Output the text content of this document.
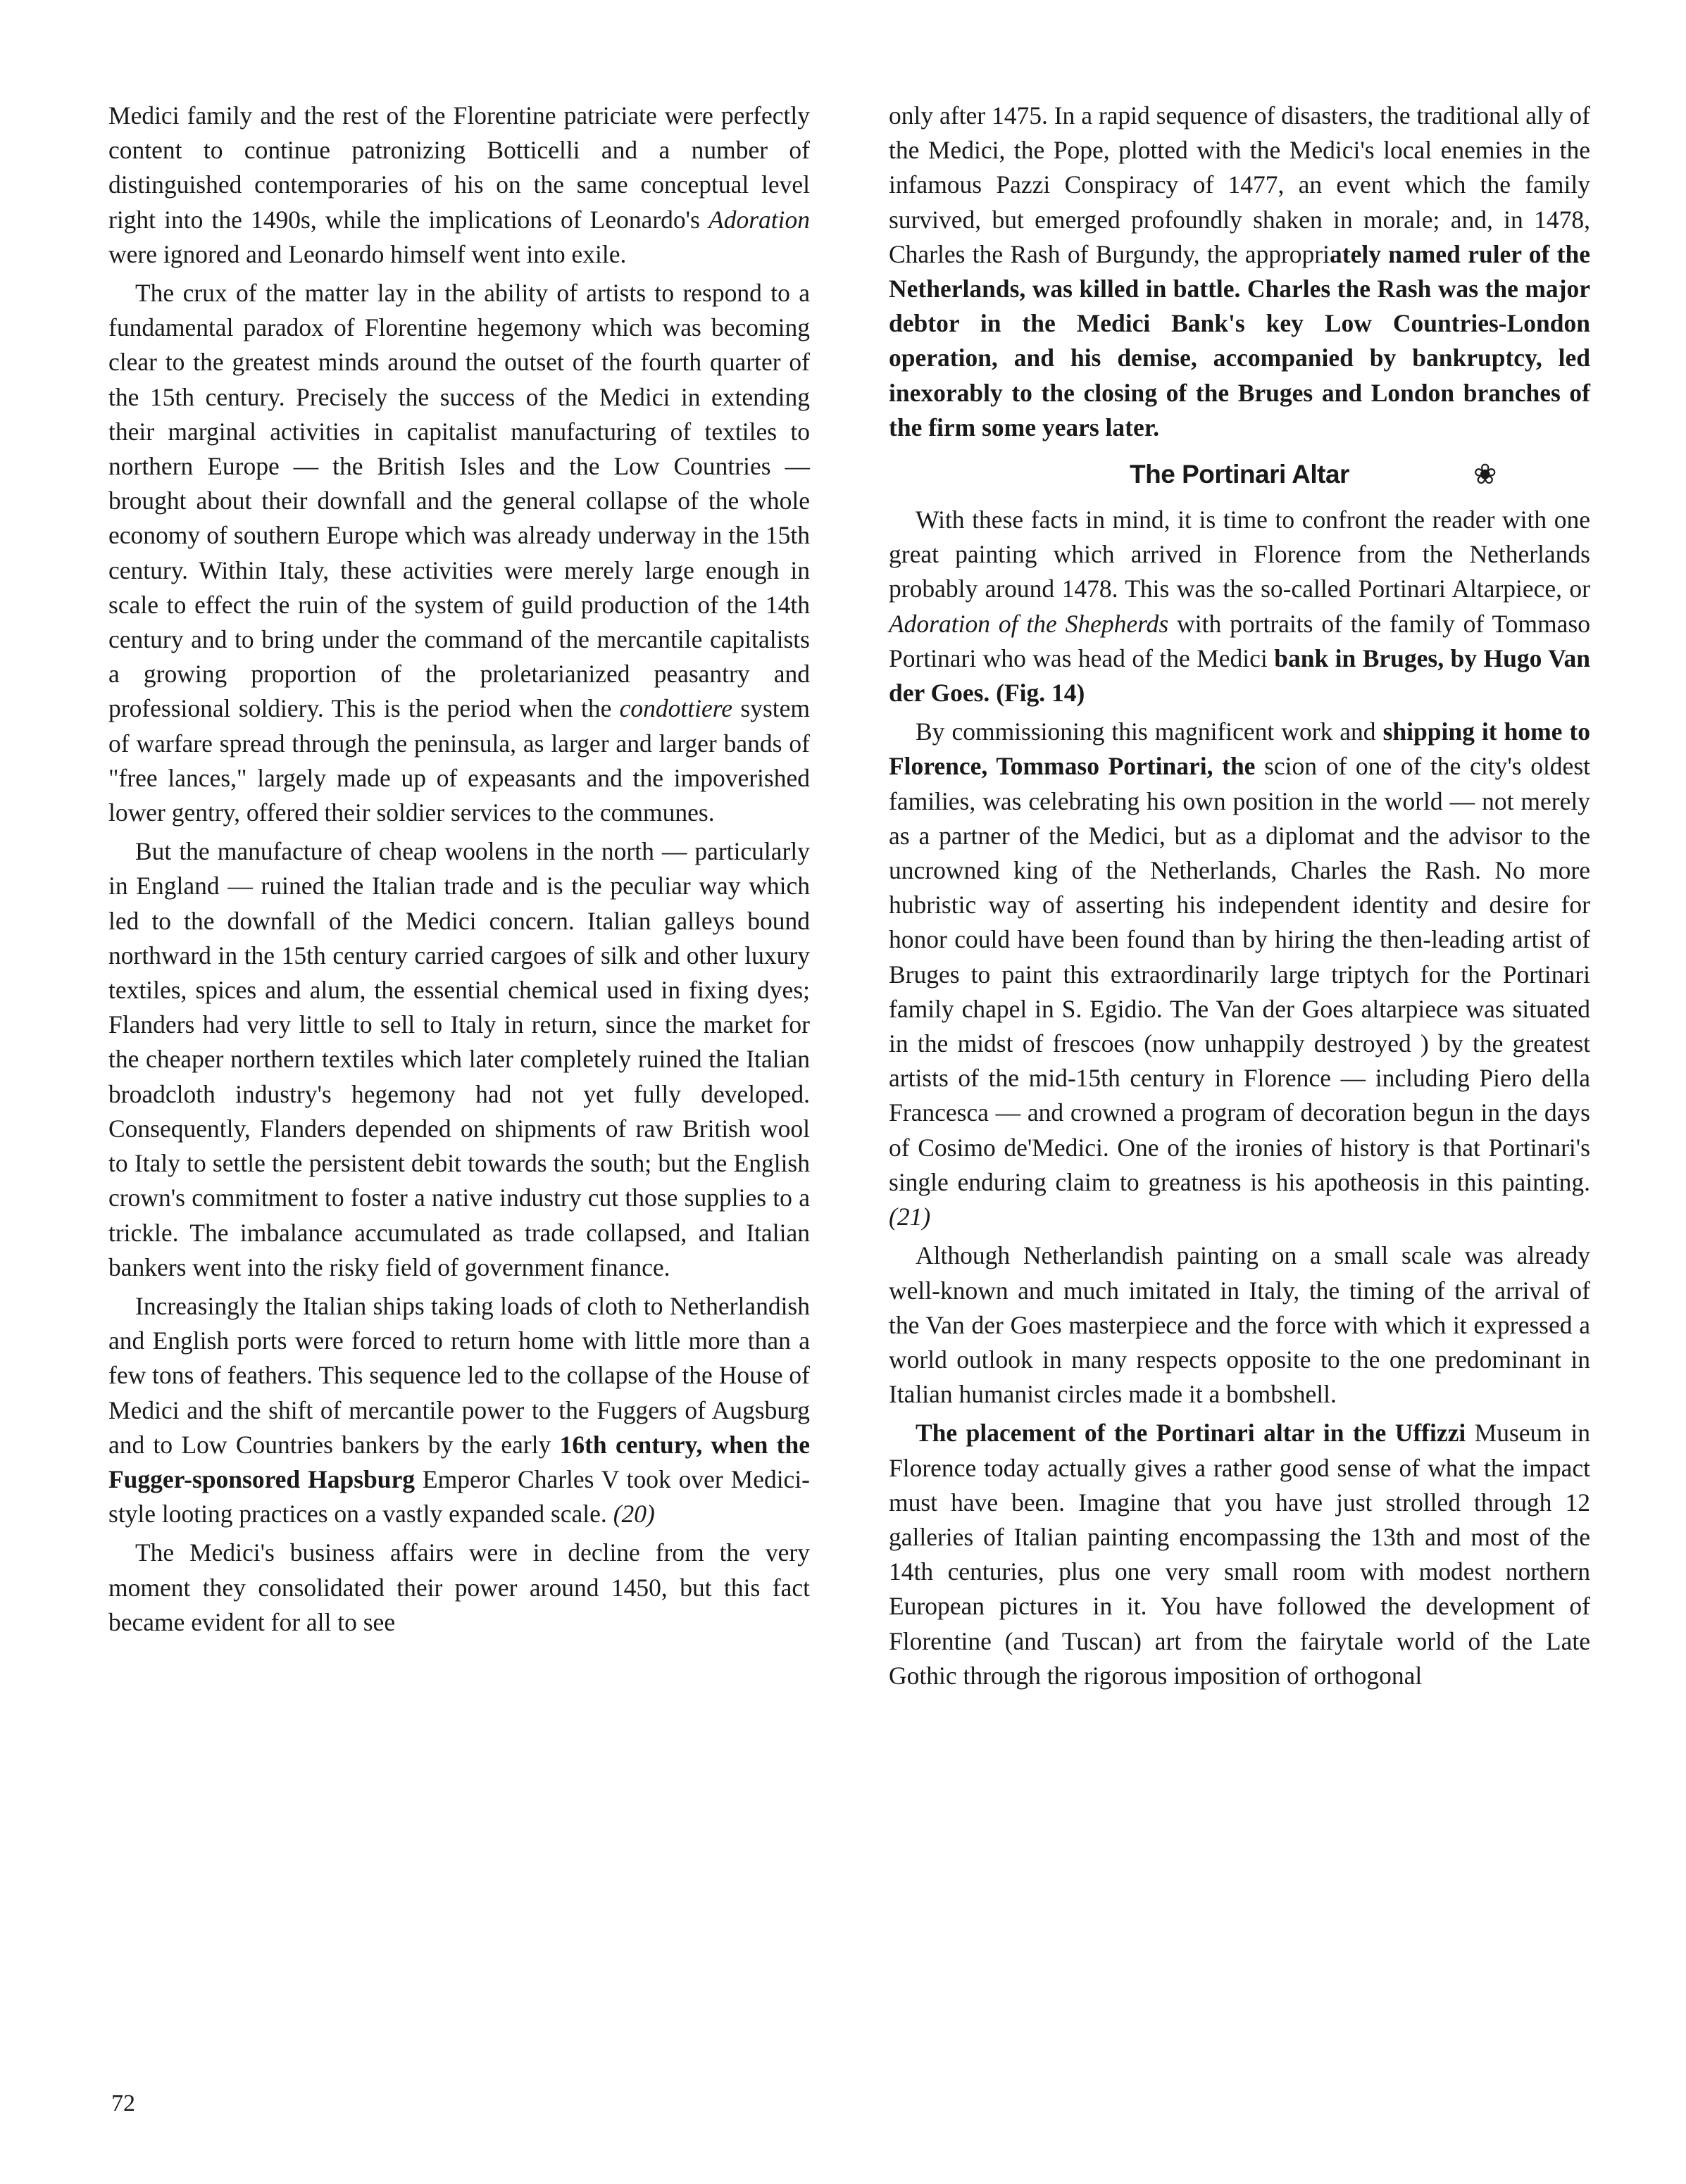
Medici family and the rest of the Florentine patriciate were perfectly content to continue patronizing Botticelli and a number of distinguished contemporaries of his on the same conceptual level right into the 1490s, while the implications of Leonardo's Adoration were ignored and Leonardo himself went into exile.

The crux of the matter lay in the ability of artists to respond to a fundamental paradox of Florentine hegemony which was becoming clear to the greatest minds around the outset of the fourth quarter of the 15th century. Precisely the success of the Medici in extending their marginal activities in capitalist manufacturing of textiles to northern Europe — the British Isles and the Low Countries — brought about their downfall and the general collapse of the whole economy of southern Europe which was already underway in the 15th century. Within Italy, these activities were merely large enough in scale to effect the ruin of the system of guild production of the 14th century and to bring under the command of the mercantile capitalists a growing proportion of the proletarianized peasantry and professional soldiery. This is the period when the condottiere system of warfare spread through the peninsula, as larger and larger bands of "free lances," largely made up of expeasants and the impoverished lower gentry, offered their soldier services to the communes.

But the manufacture of cheap woolens in the north — particularly in England — ruined the Italian trade and is the peculiar way which led to the downfall of the Medici concern. Italian galleys bound northward in the 15th century carried cargoes of silk and other luxury textiles, spices and alum, the essential chemical used in fixing dyes; Flanders had very little to sell to Italy in return, since the market for the cheaper northern textiles which later completely ruined the Italian broadcloth industry's hegemony had not yet fully developed. Consequently, Flanders depended on shipments of raw British wool to Italy to settle the persistent debit towards the south; but the English crown's commitment to foster a native industry cut those supplies to a trickle. The imbalance accumulated as trade collapsed, and Italian bankers went into the risky field of government finance.

Increasingly the Italian ships taking loads of cloth to Netherlandish and English ports were forced to return home with little more than a few tons of feathers. This sequence led to the collapse of the House of Medici and the shift of mercantile power to the Fuggers of Augsburg and to Low Countries bankers by the early 16th century, when the Fugger-sponsored Hapsburg Emperor Charles V took over Medici-style looting practices on a vastly expanded scale. (20)

The Medici's business affairs were in decline from the very moment they consolidated their power around 1450, but this fact became evident for all to see

only after 1475. In a rapid sequence of disasters, the traditional ally of the Medici, the Pope, plotted with the Medici's local enemies in the infamous Pazzi Conspiracy of 1477, an event which the family survived, but emerged profoundly shaken in morale; and, in 1478, Charles the Rash of Burgundy, the appropriately named ruler of the Netherlands, was killed in battle. Charles the Rash was the major debtor in the Medici Bank's key Low Countries-London operation, and his demise, accompanied by bankruptcy, led inexorably to the closing of the Bruges and London branches of the firm some years later.

The Portinari Altar	❀

With these facts in mind, it is time to confront the reader with one great painting which arrived in Florence from the Netherlands probably around 1478. This was the so-called Portinari Altarpiece, or Adoration of the Shepherds with portraits of the family of Tommaso Portinari who was head of the Medici bank in Bruges, by Hugo Van der Goes. (Fig. 14)

By commissioning this magnificent work and shipping it home to Florence, Tommaso Portinari, the scion of one of the city's oldest families, was celebrating his own position in the world — not merely as a partner of the Medici, but as a diplomat and the advisor to the uncrowned king of the Netherlands, Charles the Rash. No more hubristic way of asserting his independent identity and desire for honor could have been found than by hiring the then-leading artist of Bruges to paint this extraordinarily large triptych for the Portinari family chapel in S. Egidio. The Van der Goes altarpiece was situated in the midst of frescoes (now unhappily destroyed ) by the greatest artists of the mid-15th century in Florence — including Piero della Francesca — and crowned a program of decoration begun in the days of Cosimo de'Medici. One of the ironies of history is that Portinari's single enduring claim to greatness is his apotheosis in this painting. (21)

Although Netherlandish painting on a small scale was already well-known and much imitated in Italy, the timing of the arrival of the Van der Goes masterpiece and the force with which it expressed a world outlook in many respects opposite to the one predominant in Italian humanist circles made it a bombshell.

The placement of the Portinari altar in the Uffizzi Museum in Florence today actually gives a rather good sense of what the impact must have been. Imagine that you have just strolled through 12 galleries of Italian painting encompassing the 13th and most of the 14th centuries, plus one very small room with modest northern European pictures in it. You have followed the development of Florentine (and Tuscan) art from the fairytale world of the Late Gothic through the rigorous imposition of orthogonal

72
